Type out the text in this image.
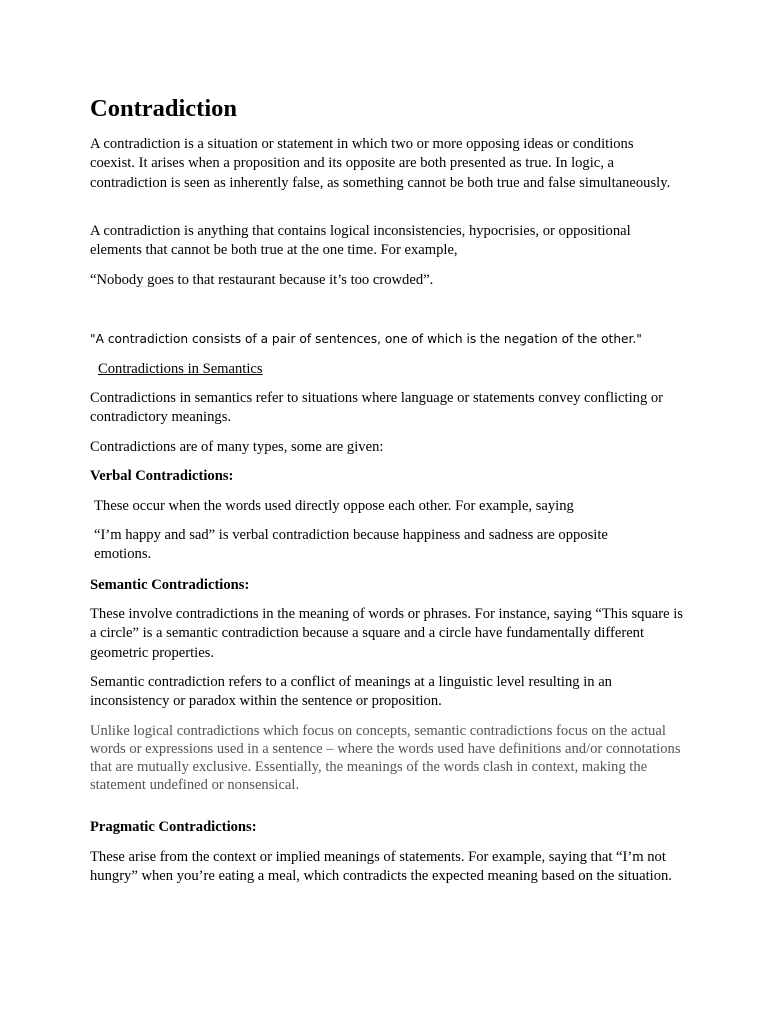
Contradiction

A contradiction is a situation or statement in which two or more opposing ideas or conditions coexist. It arises when a proposition and its opposite are both presented as true. In logic, a contradiction is seen as inherently false, as something cannot be both true and false simultaneously.

A contradiction is anything that contains logical inconsistencies, hypocrisies, or oppositional elements that cannot be both true at the one time. For example,

“Nobody goes to that restaurant because it’s too crowded”.

"A contradiction consists of a pair of sentences, one of which is the negation of the other."

Contradictions in Semantics

Contradictions in semantics refer to situations where language or statements convey conflicting or contradictory meanings.

Contradictions are of many types, some are given:

Verbal Contradictions:

These occur when the words used directly oppose each other. For example, saying

“I’m happy and sad” is verbal contradiction because happiness and sadness are opposite emotions.

Semantic Contradictions:

These involve contradictions in the meaning of words or phrases. For instance, saying “This square is a circle” is a semantic contradiction because a square and a circle have fundamentally different geometric properties.

Semantic contradiction refers to a conflict of meanings at a linguistic level resulting in an inconsistency or paradox within the sentence or proposition.

Unlike logical contradictions which focus on concepts, semantic contradictions focus on the actual words or expressions used in a sentence – where the words used have definitions and/or connotations that are mutually exclusive. Essentially, the meanings of the words clash in context, making the statement undefined or nonsensical.

Pragmatic Contradictions:

These arise from the context or implied meanings of statements. For example, saying that “I’m not hungry” when you’re eating a meal, which contradicts the expected meaning based on the situation.
